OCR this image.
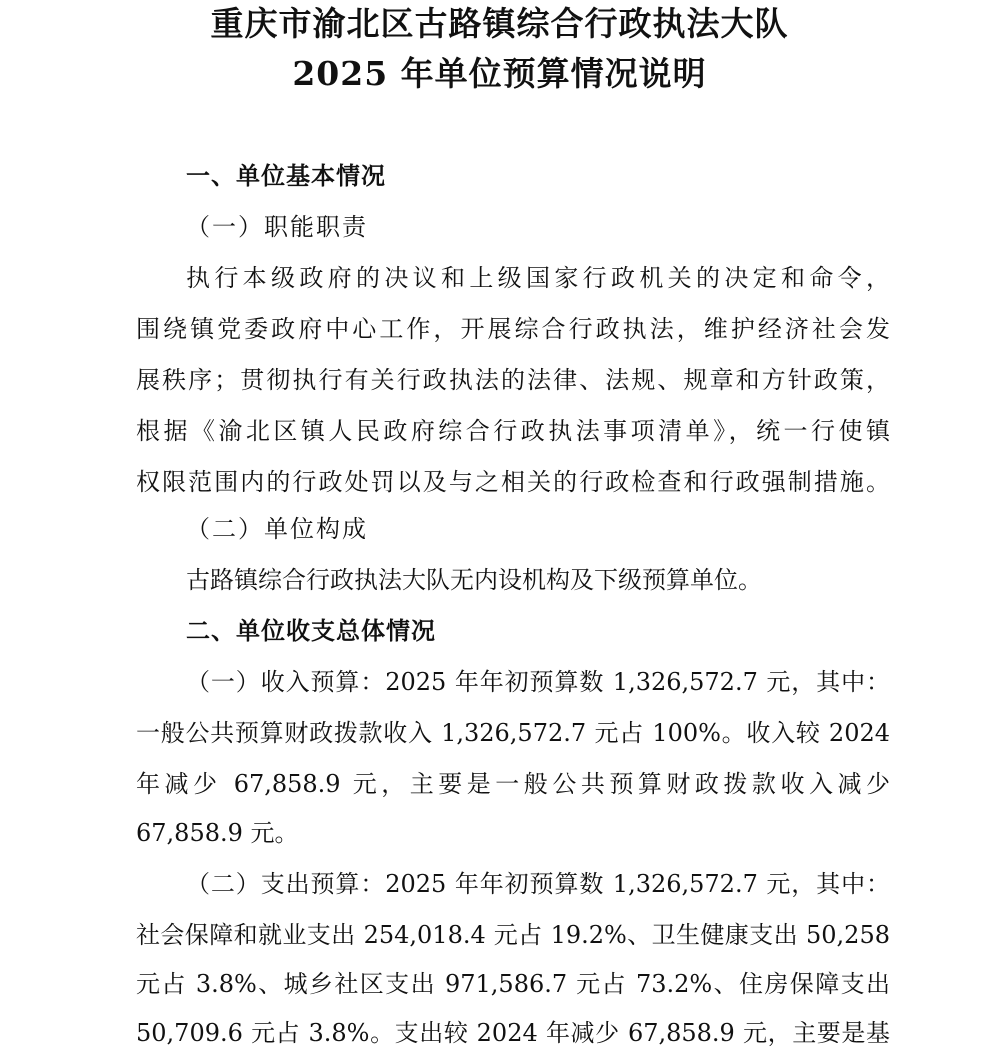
重庆市渝北区古路镇综合行政执法大队
2025 年单位预算情况说明
一、单位基本情况
（一）职能职责
执行本级政府的决议和上级国家行政机关的决定和命令，
围绕镇党委政府中心工作，开展综合行政执法，维护经济社会发
展秩序；贯彻执行有关行政执法的法律、法规、规章和方针政策，
根据《渝北区镇人民政府综合行政执法事项清单》，统一行使镇
权限范围内的行政处罚以及与之相关的行政检查和行政强制措施。
（二）单位构成
古路镇综合行政执法大队无内设机构及下级预算单位。
二、单位收支总体情况
（一）收入预算：2025 年年初预算数 1,326,572.7 元，其中：
一般公共预算财政拨款收入 1,326,572.7 元占 100%。收入较 2024
年减少 67,858.9 元，主要是一般公共预算财政拨款收入减少
67,858.9 元。
（二）支出预算：2025 年年初预算数 1,326,572.7 元，其中：
社会保障和就业支出 254,018.4 元占 19.2%、卫生健康支出 50,258
元占 3.8%、城乡社区支出 971,586.7 元占 73.2%、住房保障支出
50,709.6 元占 3.8%。支出较 2024 年减少 67,858.9 元，主要是基
